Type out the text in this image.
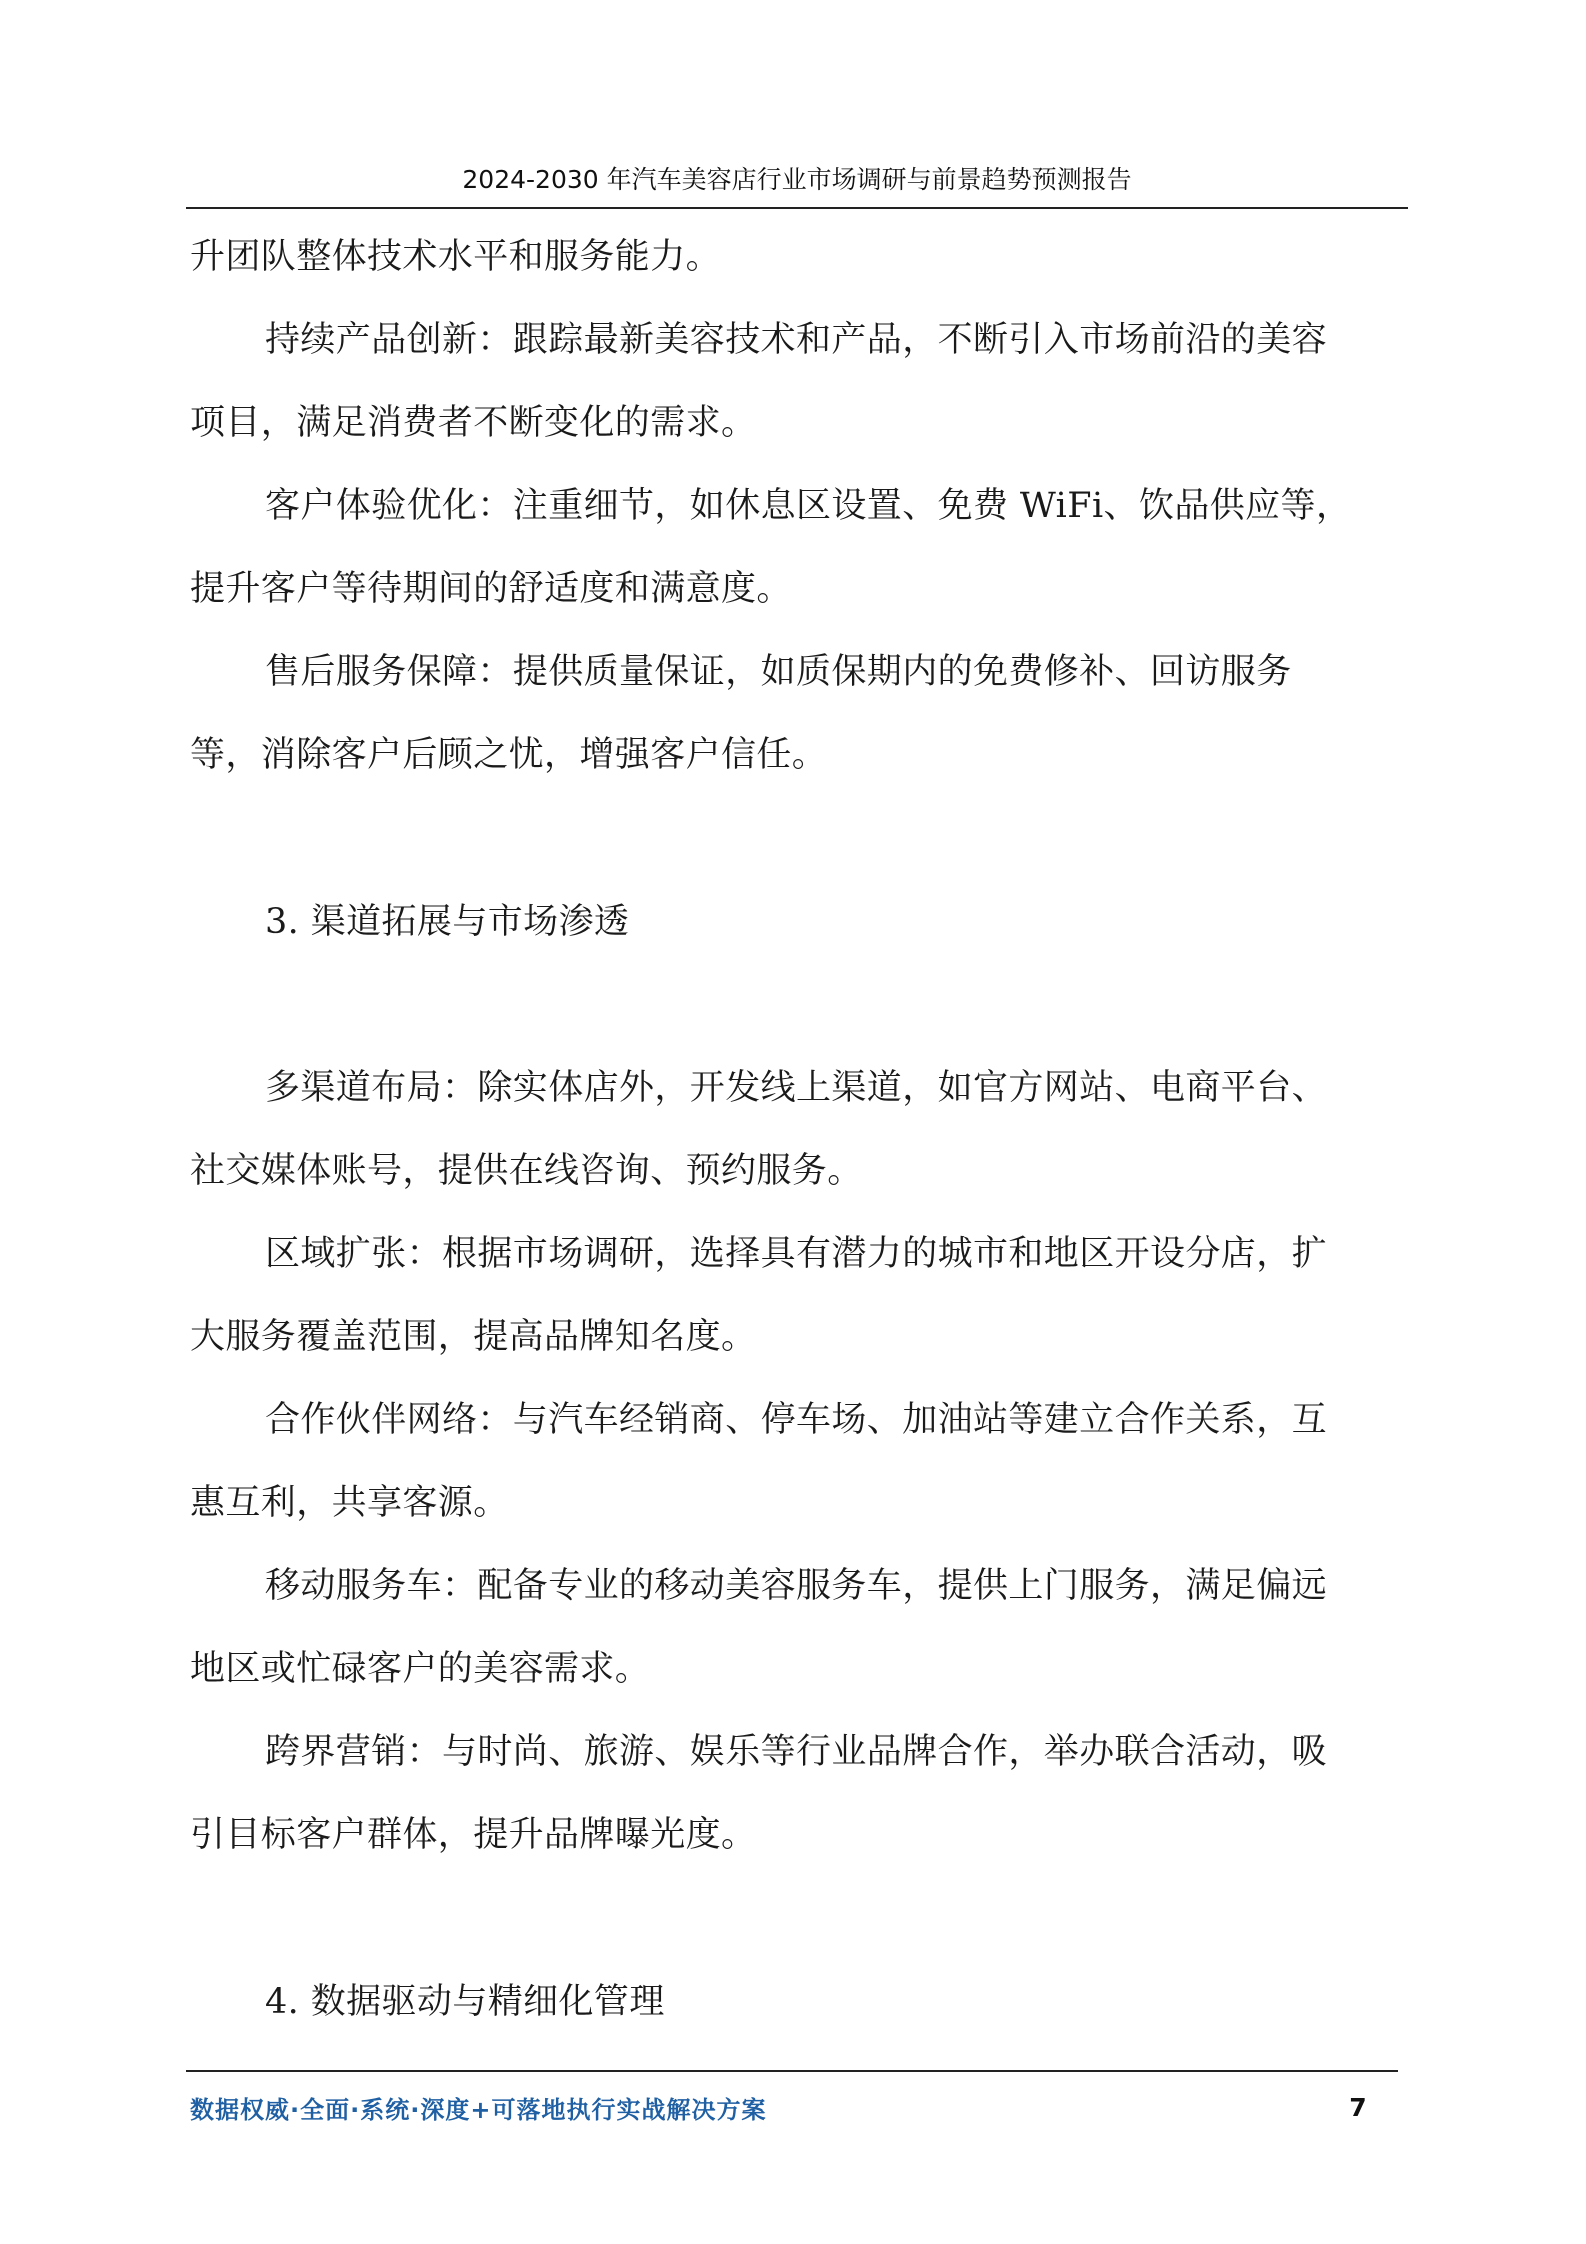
2024-2030 年汽车美容店行业市场调研与前景趋势预测报告
升团队整体技术水平和服务能力。
持续产品创新：跟踪最新美容技术和产品，不断引入市场前沿的美容
项目，满足消费者不断变化的需求。
客户体验优化：注重细节，如休息区设置、免费 WiFi、饮品供应等，
提升客户等待期间的舒适度和满意度。
售后服务保障：提供质量保证，如质保期内的免费修补、回访服务
等，消除客户后顾之忧，增强客户信任。
3. 渠道拓展与市场渗透
多渠道布局：除实体店外，开发线上渠道，如官方网站、电商平台、
社交媒体账号，提供在线咨询、预约服务。
区域扩张：根据市场调研，选择具有潜力的城市和地区开设分店，扩
大服务覆盖范围，提高品牌知名度。
合作伙伴网络：与汽车经销商、停车场、加油站等建立合作关系，互
惠互利，共享客源。
移动服务车：配备专业的移动美容服务车，提供上门服务，满足偏远
地区或忙碌客户的美容需求。
跨界营销：与时尚、旅游、娱乐等行业品牌合作，举办联合活动，吸
引目标客户群体，提升品牌曝光度。
4. 数据驱动与精细化管理
数据权威·全面·系统·深度+可落地执行实战解决方案	7
